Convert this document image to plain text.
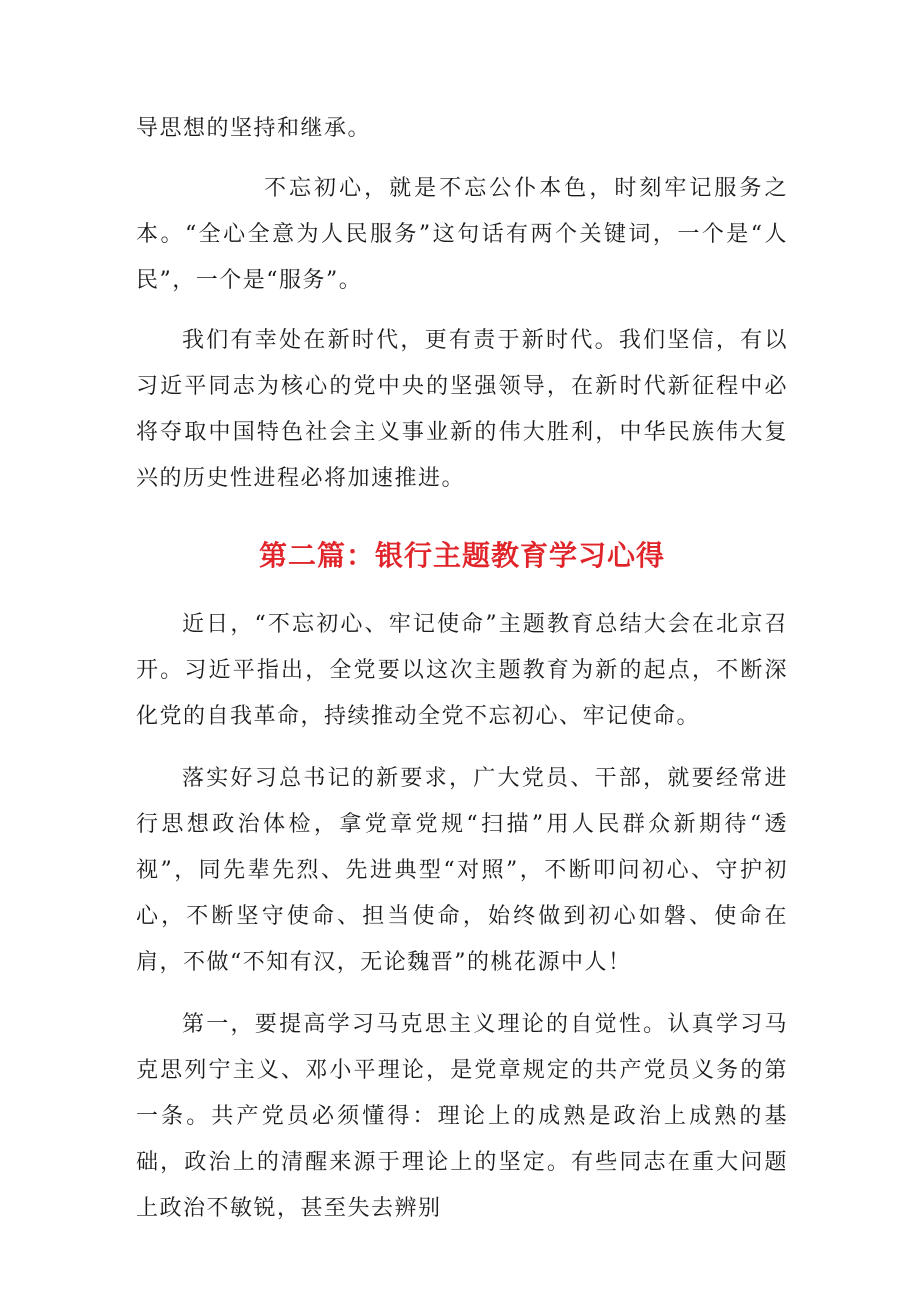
导思想的坚持和继承。

不忘初心，就是不忘公仆本色，时刻牢记服务之本。“全心全意为人民服务”这句话有两个关键词，一个是“人民”，一个是“服务”。

我们有幸处在新时代，更有责于新时代。我们坚信，有以习近平同志为核心的党中央的坚强领导，在新时代新征程中必将夺取中国特色社会主义事业新的伟大胜利，中华民族伟大复兴的历史性进程必将加速推进。

第二篇：银行主题教育学习心得

近日，“不忘初心、牢记使命”主题教育总结大会在北京召开。习近平指出，全党要以这次主题教育为新的起点，不断深化党的自我革命，持续推动全党不忘初心、牢记使命。

落实好习总书记的新要求，广大党员、干部，就要经常进行思想政治体检，拿党章党规“扫描”用人民群众新期待“透视”，同先辈先烈、先进典型“对照”，不断叩问初心、守护初心，不断坚守使命、担当使命，始终做到初心如磐、使命在肩，不做“不知有汉，无论魏晋”的桃花源中人！

第一，要提高学习马克思主义理论的自觉性。认真学习马克思列宁主义、邓小平理论，是党章规定的共产党员义务的第一条。共产党员必须懂得：理论上的成熟是政治上成熟的基础，政治上的清醒来源于理论上的坚定。有些同志在重大问题上政治不敏锐，甚至失去辨别
